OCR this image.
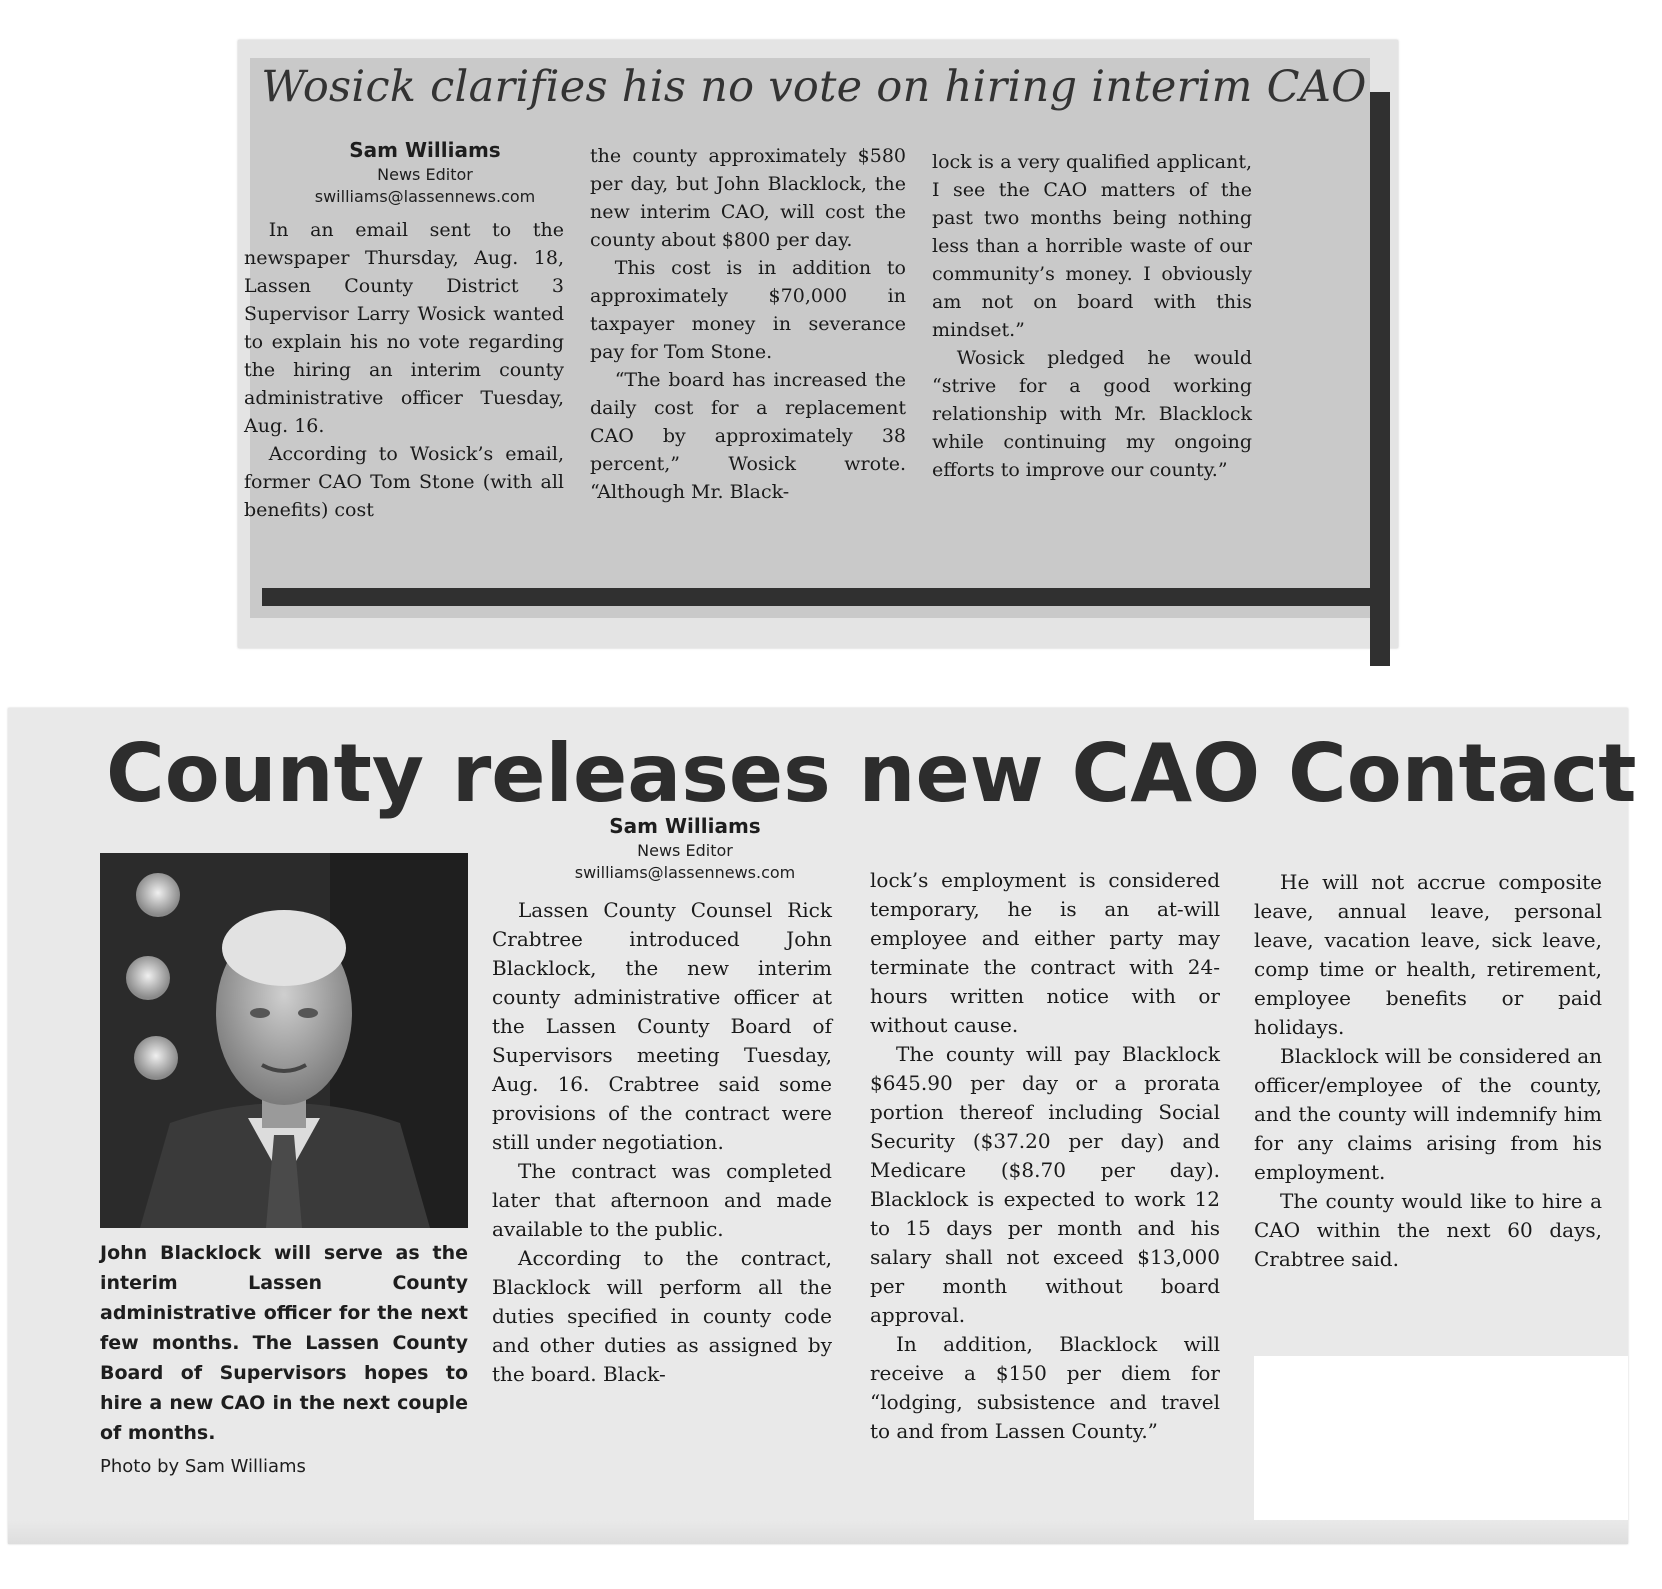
Wosick clarifies his no vote on hiring interim CAO
Sam Williams
News Editor
swilliams@lassennews.com

In an email sent to the newspaper Thursday, Aug. 18, Lassen County District 3 Supervisor Larry Wosick wanted to explain his no vote regarding the hiring an interim county administrative officer Tuesday, Aug. 16.

According to Wosick’s email, former CAO Tom Stone (with all benefits) cost

the county approximately $580 per day, but John Blacklock, the new interim CAO, will cost the county about $800 per day.

This cost is in addition to approximately $70,000 in taxpayer money in severance pay for Tom Stone.

“The board has increased the daily cost for a replacement CAO by approximately 38 percent,” Wosick wrote. “Although Mr. Black-

lock is a very qualified applicant, I see the CAO matters of the past two months being nothing less than a horrible waste of our community’s money. I obviously am not on board with this mindset.”

Wosick pledged he would “strive for a good working relationship with Mr. Blacklock while continuing my ongoing efforts to improve our county.”

County releases new CAO Contact
John Blacklock will serve as the interim Lassen County administrative officer for the next few months. The Lassen County Board of Supervisors hopes to hire a new CAO in the next couple of months.
Photo by Sam Williams
Sam Williams
News Editor
swilliams@lassennews.com

Lassen County Counsel Rick Crabtree introduced John Blacklock, the new interim county administrative officer at the Lassen County Board of Supervisors meeting Tuesday, Aug. 16. Crabtree said some provisions of the contract were still under negotiation.

The contract was completed later that afternoon and made available to the public.

According to the contract, Blacklock will perform all the duties specified in county code and other duties as assigned by the board. Black-

lock’s employment is considered temporary, he is an at-will employee and either party may terminate the contract with 24-hours written notice with or without cause.

The county will pay Blacklock $645.90 per day or a prorata portion thereof including Social Security ($37.20 per day) and Medicare ($8.70 per day). Blacklock is expected to work 12 to 15 days per month and his salary shall not exceed $13,000 per month without board approval.

In addition, Blacklock will receive a $150 per diem for “lodging, subsistence and travel to and from Lassen County.”

He will not accrue composite leave, annual leave, personal leave, vacation leave, sick leave, comp time or health, retirement, employee benefits or paid holidays.

Blacklock will be considered an officer/employee of the county, and the county will indemnify him for any claims arising from his employment.

The county would like to hire a CAO within the next 60 days, Crabtree said.
